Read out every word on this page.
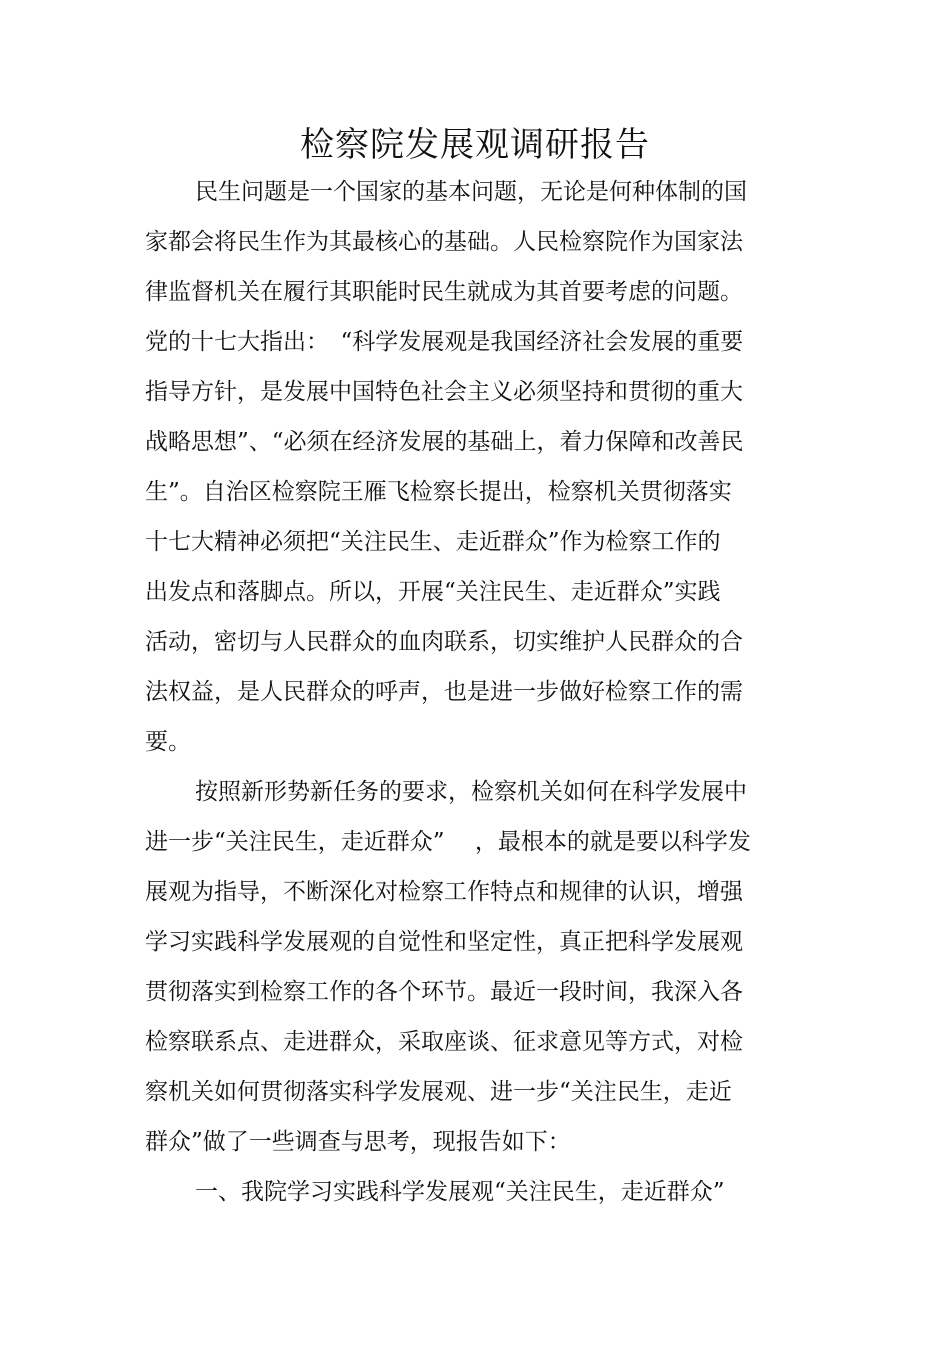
检察院发展观调研报告
民生问题是一个国家的基本问题，无论是何种体制的国
家都会将民生作为其最核心的基础。人民检察院作为国家法
律监督机关在履行其职能时民生就成为其首要考虑的问题。
党的十七大指出：　“科学发展观是我国经济社会发展的重要
指导方针，是发展中国特色社会主义必须坚持和贯彻的重大
战略思想”、“必须在经济发展的基础上，着力保障和改善民
生”。自治区检察院王雁飞检察长提出，检察机关贯彻落实
十七大精神必须把“关注民生、走近群众”作为检察工作的
出发点和落脚点。所以，开展“关注民生、走近群众”实践
活动，密切与人民群众的血肉联系，切实维护人民群众的合
法权益，是人民群众的呼声，也是进一步做好检察工作的需
要。
按照新形势新任务的要求，检察机关如何在科学发展中
进一步“关注民生，走近群众”　 ，最根本的就是要以科学发
展观为指导，不断深化对检察工作特点和规律的认识，增强
学习实践科学发展观的自觉性和坚定性，真正把科学发展观
贯彻落实到检察工作的各个环节。最近一段时间，我深入各
检察联系点、走进群众，采取座谈、征求意见等方式，对检
察机关如何贯彻落实科学发展观、进一步“关注民生，走近
群众”做了一些调查与思考，现报告如下：
一、我院学习实践科学发展观“关注民生，走近群众”
